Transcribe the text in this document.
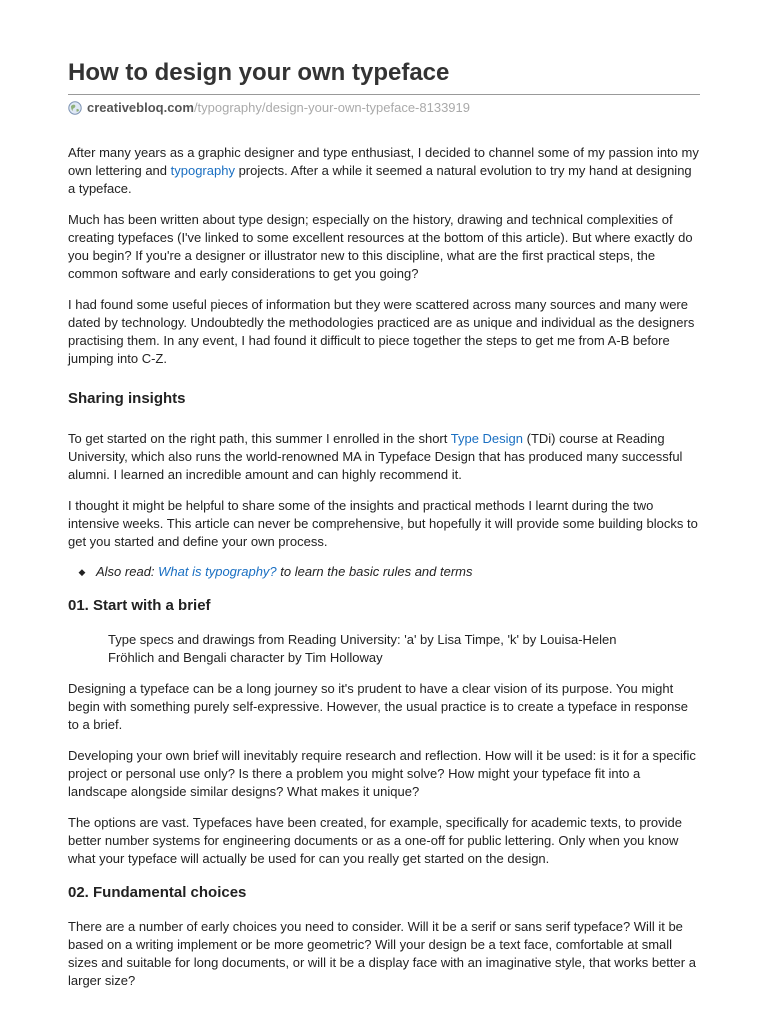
How to design your own typeface
creativebloq.com /typography/design-your-own-typeface-8133919

After many years as a graphic designer and type enthusiast, I decided to channel some of my passion into my own lettering and typography projects. After a while it seemed a natural evolution to try my hand at designing a typeface.

Much has been written about type design; especially on the history, drawing and technical complexities of creating typefaces (I've linked to some excellent resources at the bottom of this article). But where exactly do you begin? If you're a designer or illustrator new to this discipline, what are the first practical steps, the common software and early considerations to get you going?

I had found some useful pieces of information but they were scattered across many sources and many were dated by technology. Undoubtedly the methodologies practiced are as unique and individual as the designers practising them. In any event, I had found it difficult to piece together the steps to get me from A-B before jumping into C-Z.

Sharing insights

To get started on the right path, this summer I enrolled in the short Type Design (TDi) course at Reading University, which also runs the world-renowned MA in Typeface Design that has produced many successful alumni. I learned an incredible amount and can highly recommend it.

I thought it might be helpful to share some of the insights and practical methods I learnt during the two intensive weeks. This article can never be comprehensive, but hopefully it will provide some building blocks to get you started and define your own process.

◆ Also read: What is typography? to learn the basic rules and terms
01. Start with a brief

Type specs and drawings from Reading University: 'a' by Lisa Timpe, 'k' by Louisa-Helen Fröhlich and Bengali character by Tim Holloway

Designing a typeface can be a long journey so it's prudent to have a clear vision of its purpose. You might begin with something purely self-expressive. However, the usual practice is to create a typeface in response to a brief.

Developing your own brief will inevitably require research and reflection. How will it be used: is it for a specific project or personal use only? Is there a problem you might solve? How might your typeface fit into a landscape alongside similar designs? What makes it unique?

The options are vast. Typefaces have been created, for example, specifically for academic texts, to provide better number systems for engineering documents or as a one-off for public lettering. Only when you know what your typeface will actually be used for can you really get started on the design.

02. Fundamental choices

There are a number of early choices you need to consider. Will it be a serif or sans serif typeface? Will it be based on a writing implement or be more geometric? Will your design be a text face, comfortable at small sizes and suitable for long documents, or will it be a display face with an imaginative style, that works better a larger size?
